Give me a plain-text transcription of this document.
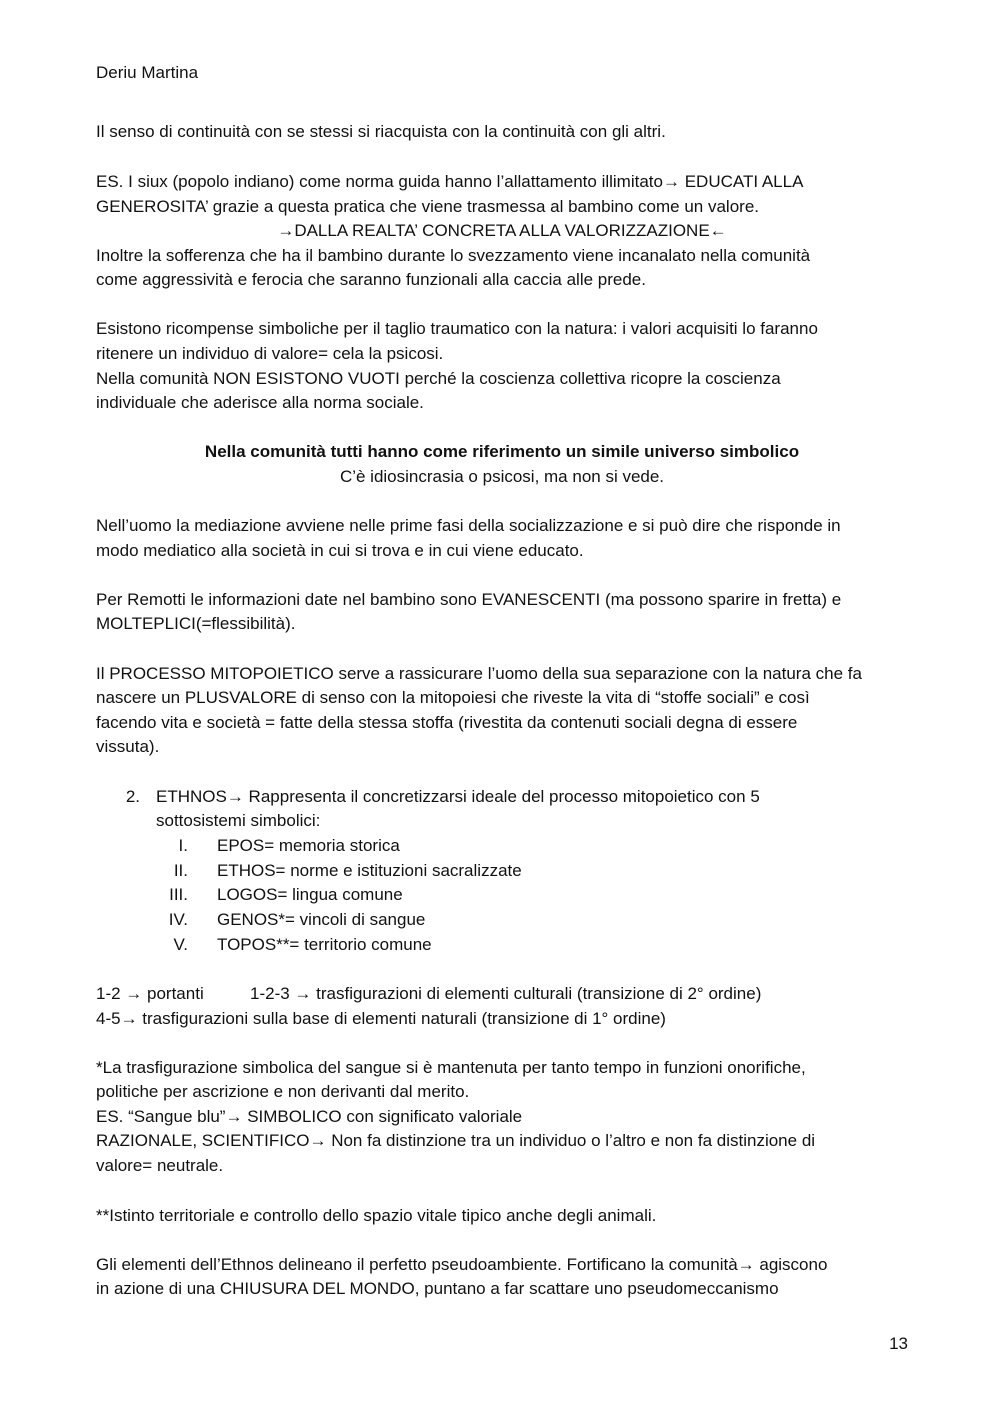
Deriu Martina
Il senso di continuità con se stessi si riacquista con la continuità con gli altri.
ES. I siux (popolo indiano) come norma guida hanno l’allattamento illimitato→ EDUCATI ALLA
GENEROSITA’ grazie a questa pratica che viene trasmessa al bambino come un valore.
→DALLA REALTA’ CONCRETA ALLA VALORIZZAZIONE←
Inoltre la sofferenza che ha il bambino durante lo svezzamento viene incanalato nella comunità
come aggressività e ferocia che saranno funzionali alla caccia alle prede.
Esistono ricompense simboliche per il taglio traumatico con la natura: i valori acquisiti lo faranno
ritenere un individuo di valore= cela la psicosi.
Nella comunità NON ESISTONO VUOTI perché la coscienza collettiva ricopre la coscienza
individuale che aderisce alla norma sociale.
Nella comunità tutti hanno come riferimento un simile universo simbolico
C’è idiosincrasia o psicosi, ma non si vede.
Nell’uomo la mediazione avviene nelle prime fasi della socializzazione e si può dire che risponde in
modo mediatico alla società in cui si trova e in cui viene educato.
Per Remotti le informazioni date nel bambino sono EVANESCENTI (ma possono sparire in fretta) e
MOLTEPLICI(=flessibilità).
Il PROCESSO MITOPOIETICO serve a rassicurare l’uomo della sua separazione con la natura che fa
nascere un PLUSVALORE di senso con la mitopoiesi che riveste la vita di “stoffe sociali” e così
facendo vita e società = fatte della stessa stoffa (rivestita da contenuti sociali degna di essere
vissuta).
2. ETHNOS→ Rappresenta il concretizzarsi ideale del processo mitopoietico con 5
sottosistemi simbolici:
I. EPOS= memoria storica
II. ETHOS= norme e istituzioni sacralizzate
III. LOGOS= lingua comune
IV. GENOS*= vincoli di sangue
V. TOPOS**= territorio comune
1-2 → portanti	1-2-3 → trasfigurazioni di elementi culturali (transizione di 2° ordine)
4-5→ trasfigurazioni sulla base di elementi naturali (transizione di 1° ordine)
*La trasfigurazione simbolica del sangue si è mantenuta per tanto tempo in funzioni onorifiche,
politiche per ascrizione e non derivanti dal merito.
ES. “Sangue blu”→ SIMBOLICO con significato valoriale
RAZIONALE, SCIENTIFICO→ Non fa distinzione tra un individuo o l’altro e non fa distinzione di
valore= neutrale.
**Istinto territoriale e controllo dello spazio vitale tipico anche degli animali.
Gli elementi dell’Ethnos delineano il perfetto pseudoambiente. Fortificano la comunità→ agiscono
in azione di una CHIUSURA DEL MONDO, puntano a far scattare uno pseudomeccanismo
13
